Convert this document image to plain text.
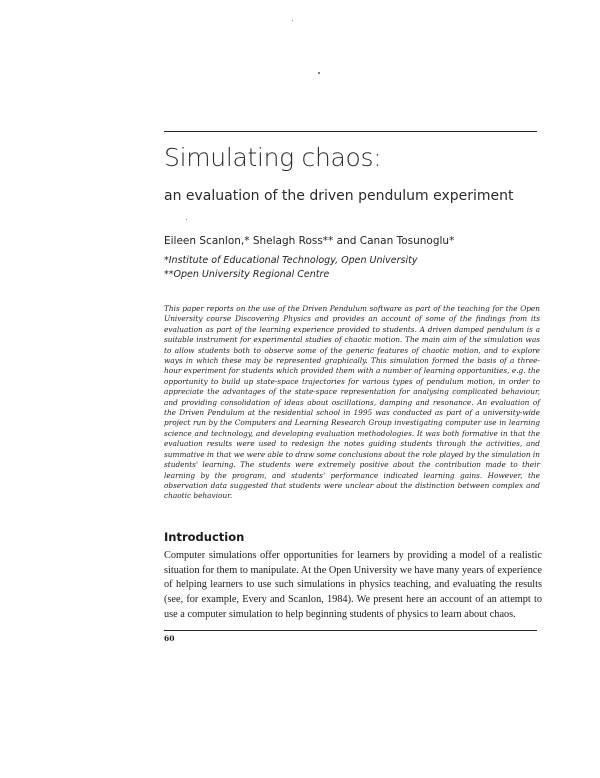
Simulating chaos:
an evaluation of the driven pendulum experiment
Eileen Scanlon,* Shelagh Ross** and Canan Tosunoglu*
*Institute of Educational Technology, Open University
**Open University Regional Centre
This paper reports on the use of the Driven Pendulum software as part of the teaching for the Open University course Discovering Physics and provides an account of some of the findings from its evaluation as part of the learning experience provided to students. A driven damped pendulum is a suitable instrument for experimental studies of chaotic motion. The main aim of the simulation was to allow students both to observe some of the generic features of chaotic motion, and to explore ways in which these may be represented graphically. This simulation formed the basis of a three-hour experiment for students which provided them with a number of learning opportunities, e.g. the opportunity to build up state-space trajectories for various types of pendulum motion, in order to appreciate the advantages of the state-space representation for analysing complicated behaviour, and providing consolidation of ideas about oscillations, damping and resonance. An evaluation of the Driven Pendulum at the residential school in 1995 was conducted as part of a university-wide project run by the Computers and Learning Research Group investigating computer use in learning science and technology, and developing evaluation methodologies. It was both formative in that the evaluation results were used to redesign the notes guiding students through the activities, and summative in that we were able to draw some conclusions about the role played by the simulation in students' learning. The students were extremely positive about the contribution made to their learning by the program, and students' performance indicated learning gains. However, the observation data suggested that students were unclear about the distinction between complex and chaotic behaviour.
Introduction
Computer simulations offer opportunities for learners by providing a model of a realistic situation for them to manipulate. At the Open University we have many years of experience of helping learners to use such simulations in physics teaching, and evaluating the results (see, for example, Every and Scanlon, 1984). We present here an account of an attempt to use a computer simulation to help beginning students of physics to learn about chaos.
60
